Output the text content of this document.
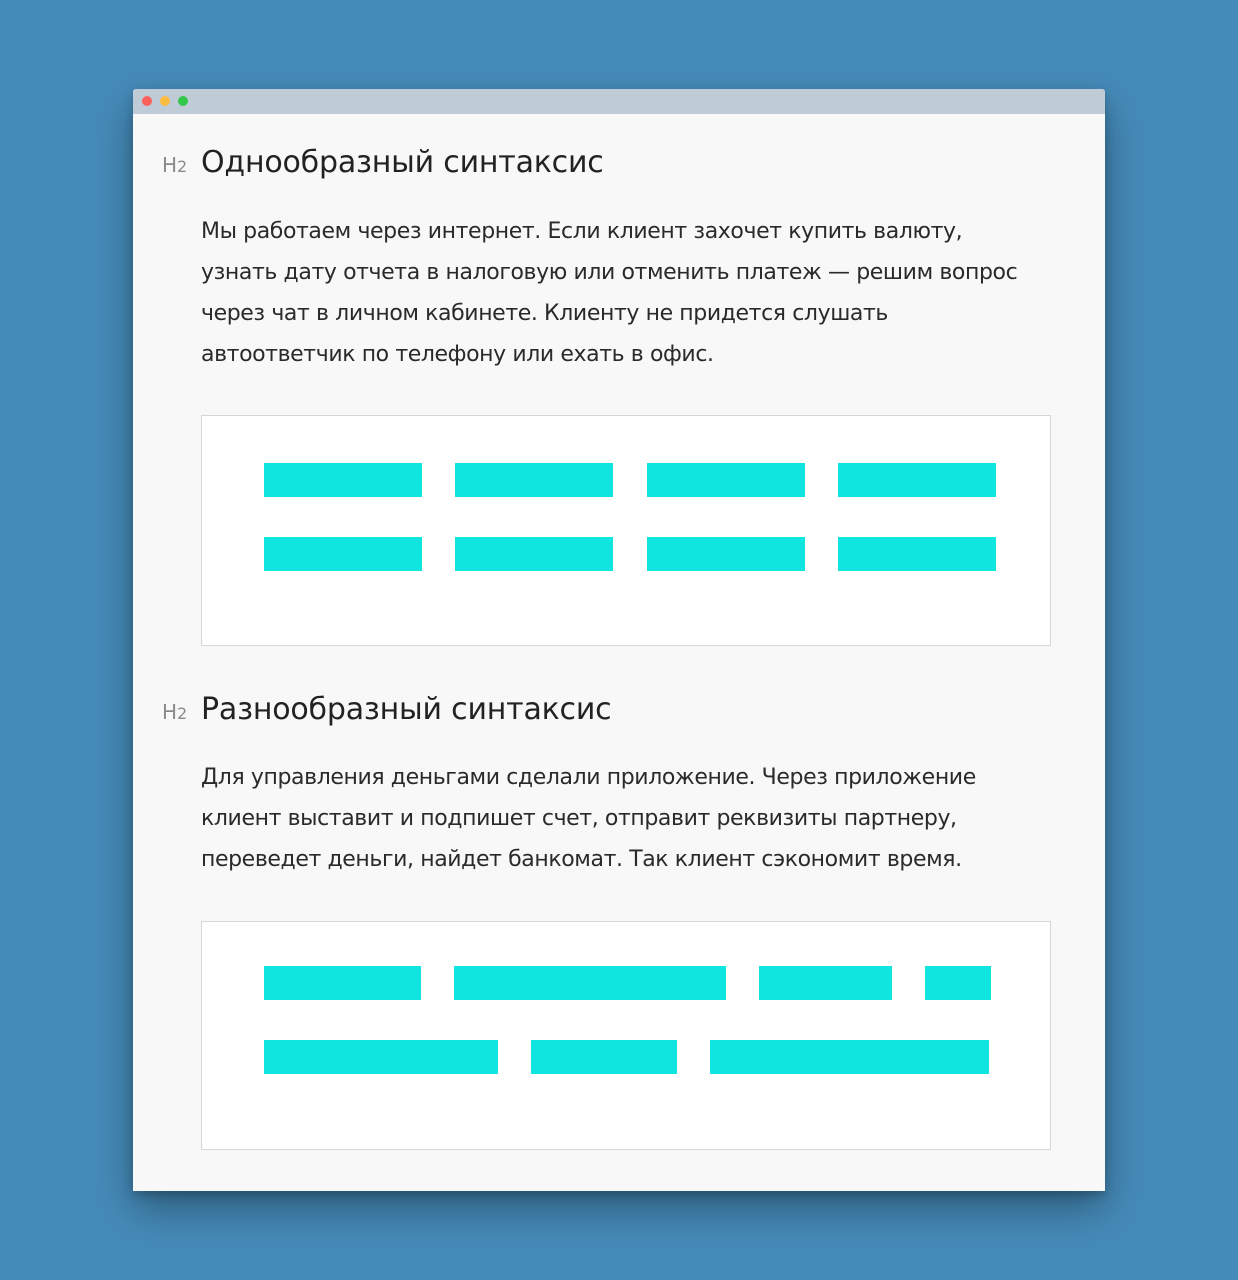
H2 Однообразный синтаксис

Мы работаем через интернет. Если клиент захочет купить валюту,
узнать дату отчета в налоговую или отменить платеж — решим вопрос
через чат в личном кабинете. Клиенту не придется слушать
автоответчик по телефону или ехать в офис.

H2 Разнообразный синтаксис

Для управления деньгами сделали приложение. Через приложение
клиент выставит и подпишет счет, отправит реквизиты партнеру,
переведет деньги, найдет банкомат. Так клиент сэкономит время.
